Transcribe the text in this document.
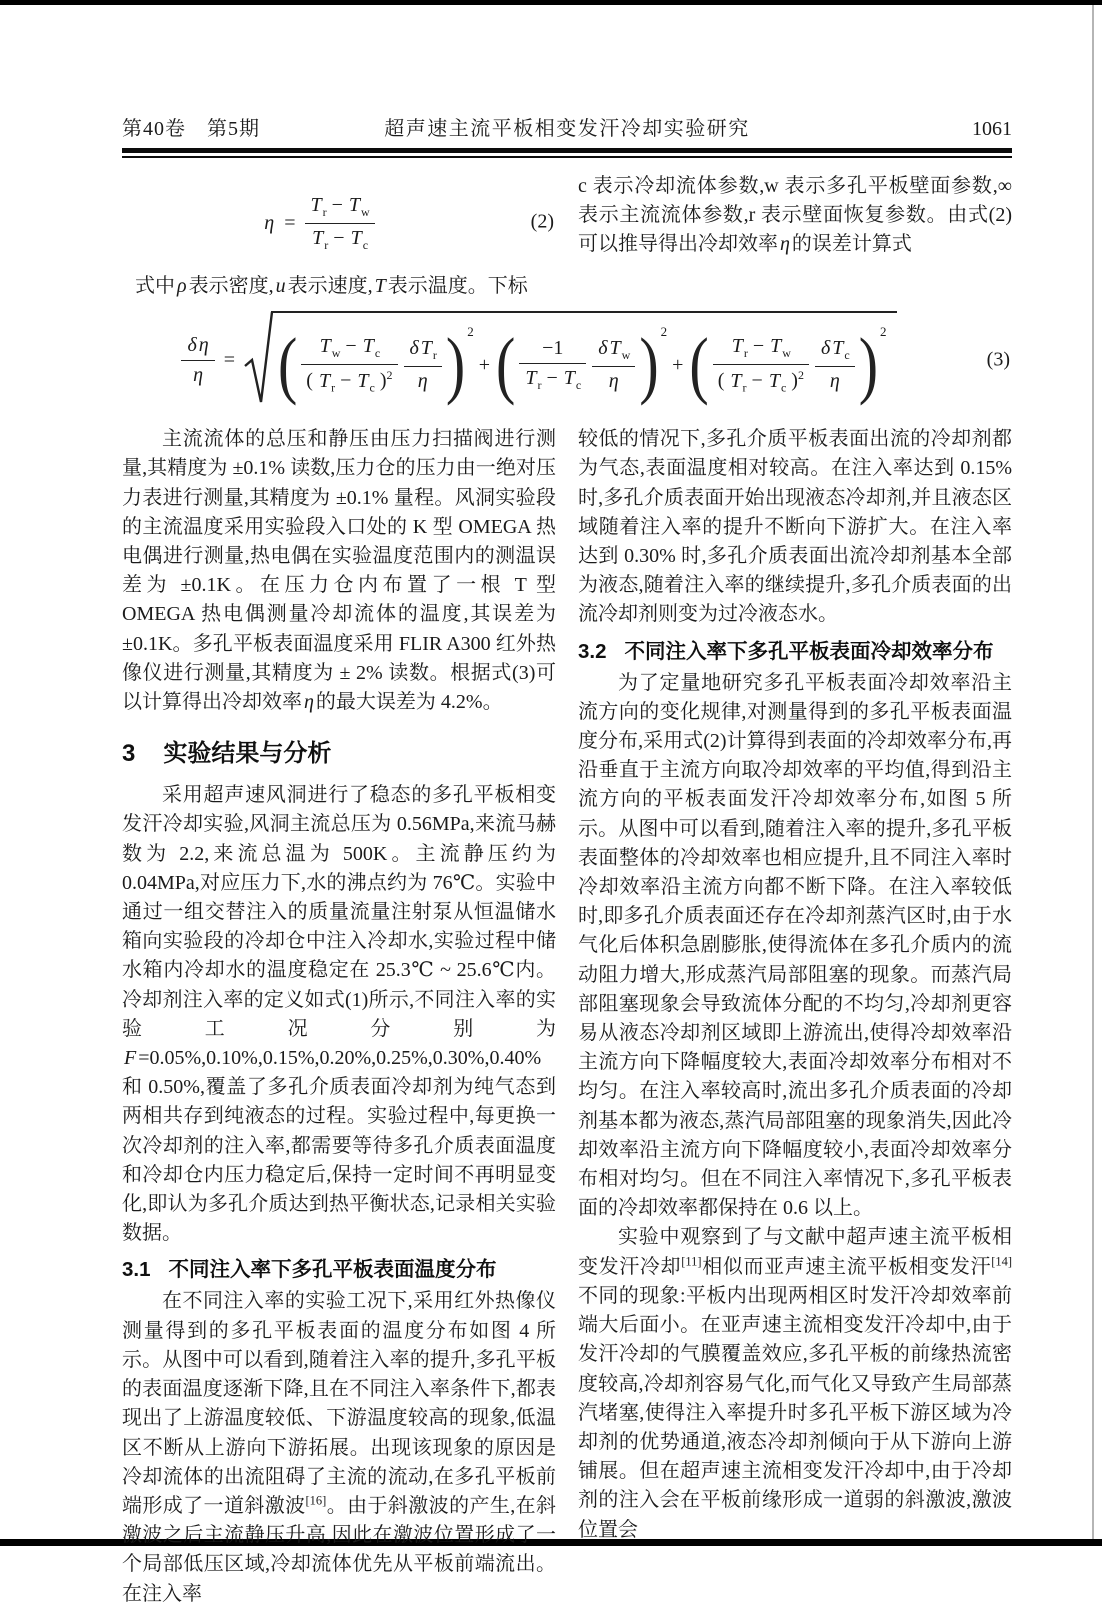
第40卷　第5期	超声速主流平板相变发汗冷却实验研究	1061
$\eta = \frac{T_r - T_w}{T_r - T_c}$	(2)

式中 ρ 表示密度, u 表示速度, T 表示温度。下标

c 表示冷却流体参数,w 表示多孔平板壁面参数,∞表示主流流体参数,r 表示壁面恢复参数。由式(2)可以推导得出冷却效率 η 的误差计算式

$\frac{\text{δ η}}{\eta}$ = ( $\frac{T_w - T_c}{( T_r - T_c )^2} \frac{\delta T_r}{\eta} )^2$
+ ( $\frac{-1}{T_r - T_c} \frac{\delta T_w}{\eta} )^2$
+ ( $\frac{T_r - T_w}{( T_r - T_c )^2} \frac{\delta T_c}{\eta} )^2$
(3)

主流流体的总压和静压由压力扫描阀进行测量,其精度为 ±0.1% 读数,压力仓的压力由一绝对压力表进行测量,其精度为 ±0.1% 量程。风洞实验段的主流温度采用实验段入口处的 K 型 OMEGA 热电偶进行测量,热电偶在实验温度范围内的测温误差为 ±0.1K。在压力仓内布置了一根 T 型 OMEGA 热电偶测量冷却流体的温度,其误差为 ±0.1K。多孔平板表面温度采用 FLIR A300 红外热像仪进行测量,其精度为 ± 2% 读数。根据式(3)可以计算得出冷却效率 η 的最大误差为 4.2%。

3 实验结果与分析

采用超声速风洞进行了稳态的多孔平板相变发汗冷却实验,风洞主流总压为 0.56MPa,来流马赫数为 2.2,来流总温为 500K。主流静压约为 0.04MPa,对应压力下,水的沸点约为 76℃。实验中通过一组交替注入的质量流量注射泵从恒温储水箱向实验段的冷却仓中注入冷却水,实验过程中储水箱内冷却水的温度稳定在 25.3℃ ~ 25.6℃内。冷却剂注入率的定义如式(1)所示,不同注入率的实验工况分别为F =0.05%,0.10%,0.15%,0.20%,0.25%,0.30%,0.40% 和 0.50%,覆盖了多孔介质表面冷却剂为纯气态到两相共存到纯液态的过程。实验过程中,每更换一次冷却剂的注入率,都需要等待多孔介质表面温度和冷却仓内压力稳定后,保持一定时间不再明显变化,即认为多孔介质达到热平衡状态,记录相关实验数据。

3.1 不同注入率下多孔平板表面温度分布

在不同注入率的实验工况下,采用红外热像仪测量得到的多孔平板表面的温度分布如图 4 所示。从图中可以看到,随着注入率的提升,多孔平板的表面温度逐渐下降,且在不同注入率条件下,都表现出了上游温度较低、下游温度较高的现象,低温区不断从上游向下游拓展。出现该现象的原因是冷却流体的出流阻碍了主流的流动,在多孔平板前端形成了一道斜激波[16]。由于斜激波的产生,在斜激波之后主流静压升高,因此在激波位置形成了一个局部低压区域,冷却流体优先从平板前端流出。在注入率

较低的情况下,多孔介质平板表面出流的冷却剂都为气态,表面温度相对较高。在注入率达到 0.15% 时,多孔介质表面开始出现液态冷却剂,并且液态区域随着注入率的提升不断向下游扩大。在注入率达到 0.30% 时,多孔介质表面出流冷却剂基本全部为液态,随着注入率的继续提升,多孔介质表面的出流冷却剂则变为过冷液态水。

3.2 不同注入率下多孔平板表面冷却效率分布

为了定量地研究多孔平板表面冷却效率沿主流方向的变化规律,对测量得到的多孔平板表面温度分布,采用式(2)计算得到表面的冷却效率分布,再沿垂直于主流方向取冷却效率的平均值,得到沿主流方向的平板表面发汗冷却效率分布,如图 5 所示。从图中可以看到,随着注入率的提升,多孔平板表面整体的冷却效率也相应提升,且不同注入率时冷却效率沿主流方向都不断下降。在注入率较低时,即多孔介质表面还存在冷却剂蒸汽区时,由于水气化后体积急剧膨胀,使得流体在多孔介质内的流动阻力增大,形成蒸汽局部阻塞的现象。而蒸汽局部阻塞现象会导致流体分配的不均匀,冷却剂更容易从液态冷却剂区域即上游流出,使得冷却效率沿主流方向下降幅度较大,表面冷却效率分布相对不均匀。在注入率较高时,流出多孔介质表面的冷却剂基本都为液态,蒸汽局部阻塞的现象消失,因此冷却效率沿主流方向下降幅度较小,表面冷却效率分布相对均匀。但在不同注入率情况下,多孔平板表面的冷却效率都保持在 0.6 以上。

实验中观察到了与文献中超声速主流平板相变发汗冷却[11]相似而亚声速主流平板相变发汗[14]不同的现象:平板内出现两相区时发汗冷却效率前端大后面小。在亚声速主流相变发汗冷却中,由于发汗冷却的气膜覆盖效应,多孔平板的前缘热流密度较高,冷却剂容易气化,而气化又导致产生局部蒸汽堵塞,使得注入率提升时多孔平板下游区域为冷却剂的优势通道,液态冷却剂倾向于从下游向上游铺展。但在超声速主流相变发汗冷却中,由于冷却剂的注入会在平板前缘形成一道弱的斜激波,激波位置会
